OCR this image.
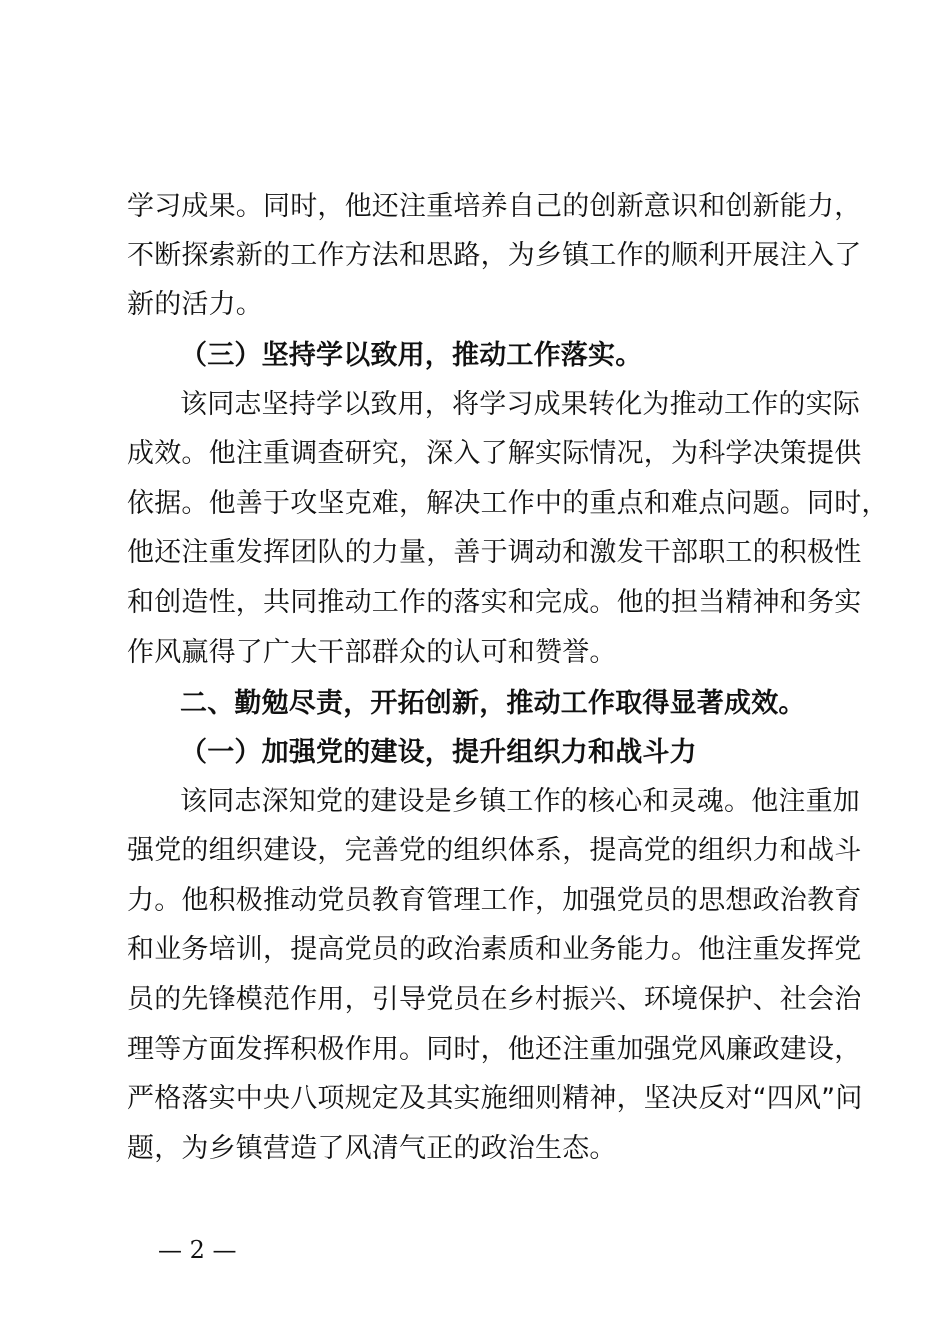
学习成果。同时，他还注重培养自己的创新意识和创新能力，
不断探索新的工作方法和思路，为乡镇工作的顺利开展注入了
新的活力。
（三）坚持学以致用，推动工作落实。
该同志坚持学以致用，将学习成果转化为推动工作的实际
成效。他注重调查研究，深入了解实际情况，为科学决策提供
依据。他善于攻坚克难，解决工作中的重点和难点问题。同时，
他还注重发挥团队的力量，善于调动和激发干部职工的积极性
和创造性，共同推动工作的落实和完成。他的担当精神和务实
作风赢得了广大干部群众的认可和赞誉。
二、勤勉尽责，开拓创新，推动工作取得显著成效。
（一）加强党的建设，提升组织力和战斗力
该同志深知党的建设是乡镇工作的核心和灵魂。他注重加
强党的组织建设，完善党的组织体系，提高党的组织力和战斗
力。他积极推动党员教育管理工作，加强党员的思想政治教育
和业务培训，提高党员的政治素质和业务能力。他注重发挥党
员的先锋模范作用，引导党员在乡村振兴、环境保护、社会治
理等方面发挥积极作用。同时，他还注重加强党风廉政建设，
严格落实中央八项规定及其实施细则精神，坚决反对“四风”问
题，为乡镇营造了风清气正的政治生态。
— 2 —
